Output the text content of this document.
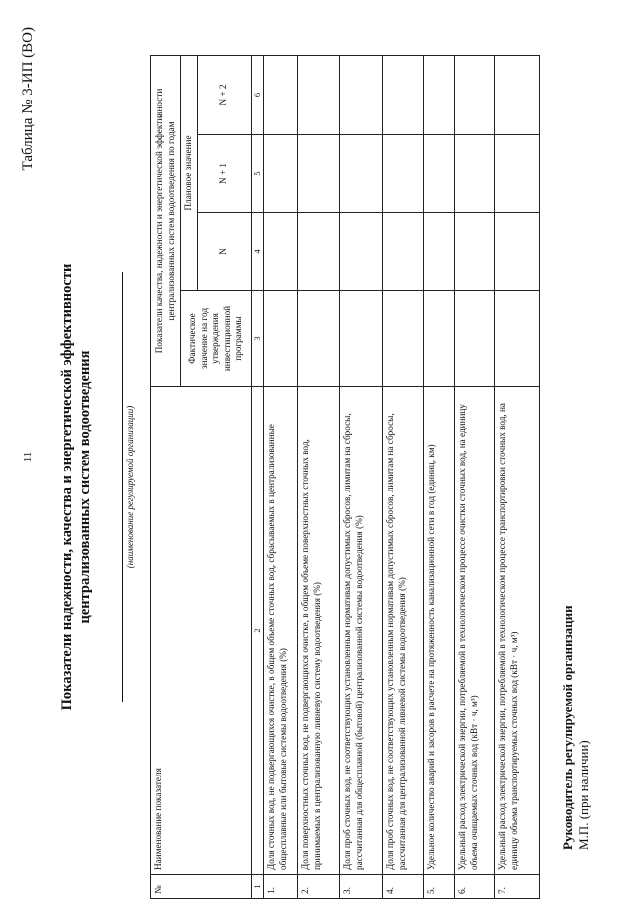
11
Таблица № 3-ИП (ВО)
Показатели надежности, качества и энергетической эффективности централизованных систем водоотведения	(наименование регулируемой организации)
№	Наименование показателя	Показатели качества, надежности и энергетической эффективности централизованных систем водоотведения по годам			
		Фактическое значение на год утверждения инвестиционной программы	Плановое значение		
			N	N + 1	N + 2
1	2	3	4	5	6
1.	Доля сточных вод, не подвергающихся очистке, в общем объеме сточных вод, сбрасываемых в централизованные общесплавные или бытовые системы водоотведения (%)				
2.	Доля поверхностных сточных вод, не подвергающихся очистке, в общем объеме поверхностных сточных вод, принимаемых в централизованную ливневую систему водоотведения (%)				
3.	Доля проб сточных вод, не соответствующих установленным нормативам допустимых сбросов, лимитам на сбросы, рассчитанная для общесплавной (бытовой) централизованной системы водоотведения (%)				
4.	Доля проб сточных вод, не соответствующих установленным нормативам допустимых сбросов, лимитам на сбросы, рассчитанная для централизованной ливневой системы водоотведения (%)				
5.	Удельное количество аварий и засоров в расчете на протяженность канализационной сети в год (единиц, км)				
6.	Удельный расход электрической энергии, потребляемой в технологическом процессе очистки сточных вод, на единицу объема очищаемых сточных вод (кВт · ч, м³)				
7.	Удельный расход электрической энергии, потребляемой в технологическом процессе транспортировки сточных вод, на единицу объема транспортируемых сточных вод (кВт · ч, м³)					Руководитель регулируемой организации М.П. (при наличии)
